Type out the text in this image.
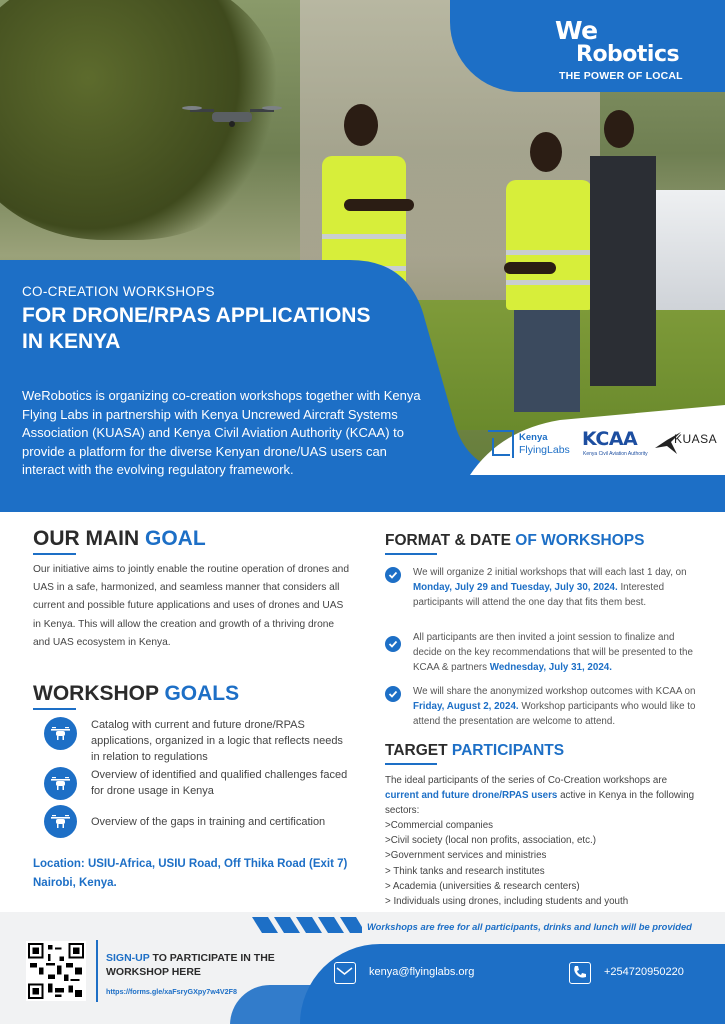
We
Robotics
THE POWER OF LOCAL
CO-CREATION WORKSHOPS
FOR DRONE/RPAS APPLICATIONS IN KENYA
WeRobotics is organizing co-creation workshops together with Kenya Flying Labs in partnership with Kenya Uncrewed Aircraft Systems Association (KUASA) and Kenya Civil Aviation Authority (KCAA) to provide a platform for the diverse Kenyan drone/UAS users can interact with the evolving regulatory framework.
Kenya
FlyingLabs KCAA
Kenya Civil Aviation Authority
KUASA
OUR MAIN GOAL
Our initiative aims to jointly enable the routine operation of drones and UAS in a safe, harmonized, and seamless manner that considers all current and possible future applications and uses of drones and UAS in Kenya. This will allow the creation and growth of a thriving drone and UAS ecosystem in Kenya.
WORKSHOP GOALS
Catalog with current and future drone/RPAS applications, organized in a logic that reflects needs in relation to regulations
Overview of identified and qualified challenges faced for drone usage in Kenya
Overview of the gaps in training and certification
Location: USIU-Africa, USIU Road, Off Thika Road (Exit 7) Nairobi, Kenya.
FORMAT & DATE OF WORKSHOPS
We will organize 2 initial workshops that will each last 1 day, on Monday, July 29 and Tuesday, July 30, 2024. Interested participants will attend the one day that fits them best.
All participants are then invited a joint session to finalize and decide on the key recommendations that will be presented to the KCAA & partners Wednesday, July 31, 2024.
We will share the anonymized workshop outcomes with KCAA on Friday, August 2, 2024. Workshop participants who would like to attend the presentation are welcome to attend.
TARGET PARTICIPANTS
The ideal participants of the series of Co-Creation workshops are current and future drone/RPAS users active in Kenya in the following sectors:
>Commercial companies
>Civil society (local non profits, association, etc.)
>Government services and ministries
> Think tanks and research institutes
> Academia (universities & research centers)
> Individuals using drones, including students and youth
Workshops are free for all participants, drinks and lunch will be provided
SIGN-UP TO PARTICIPATE IN THE WORKSHOP HERE
https://forms.gle/xaFsryGXpy7w4V2F8
kenya@flyinglabs.org	+254720950220
